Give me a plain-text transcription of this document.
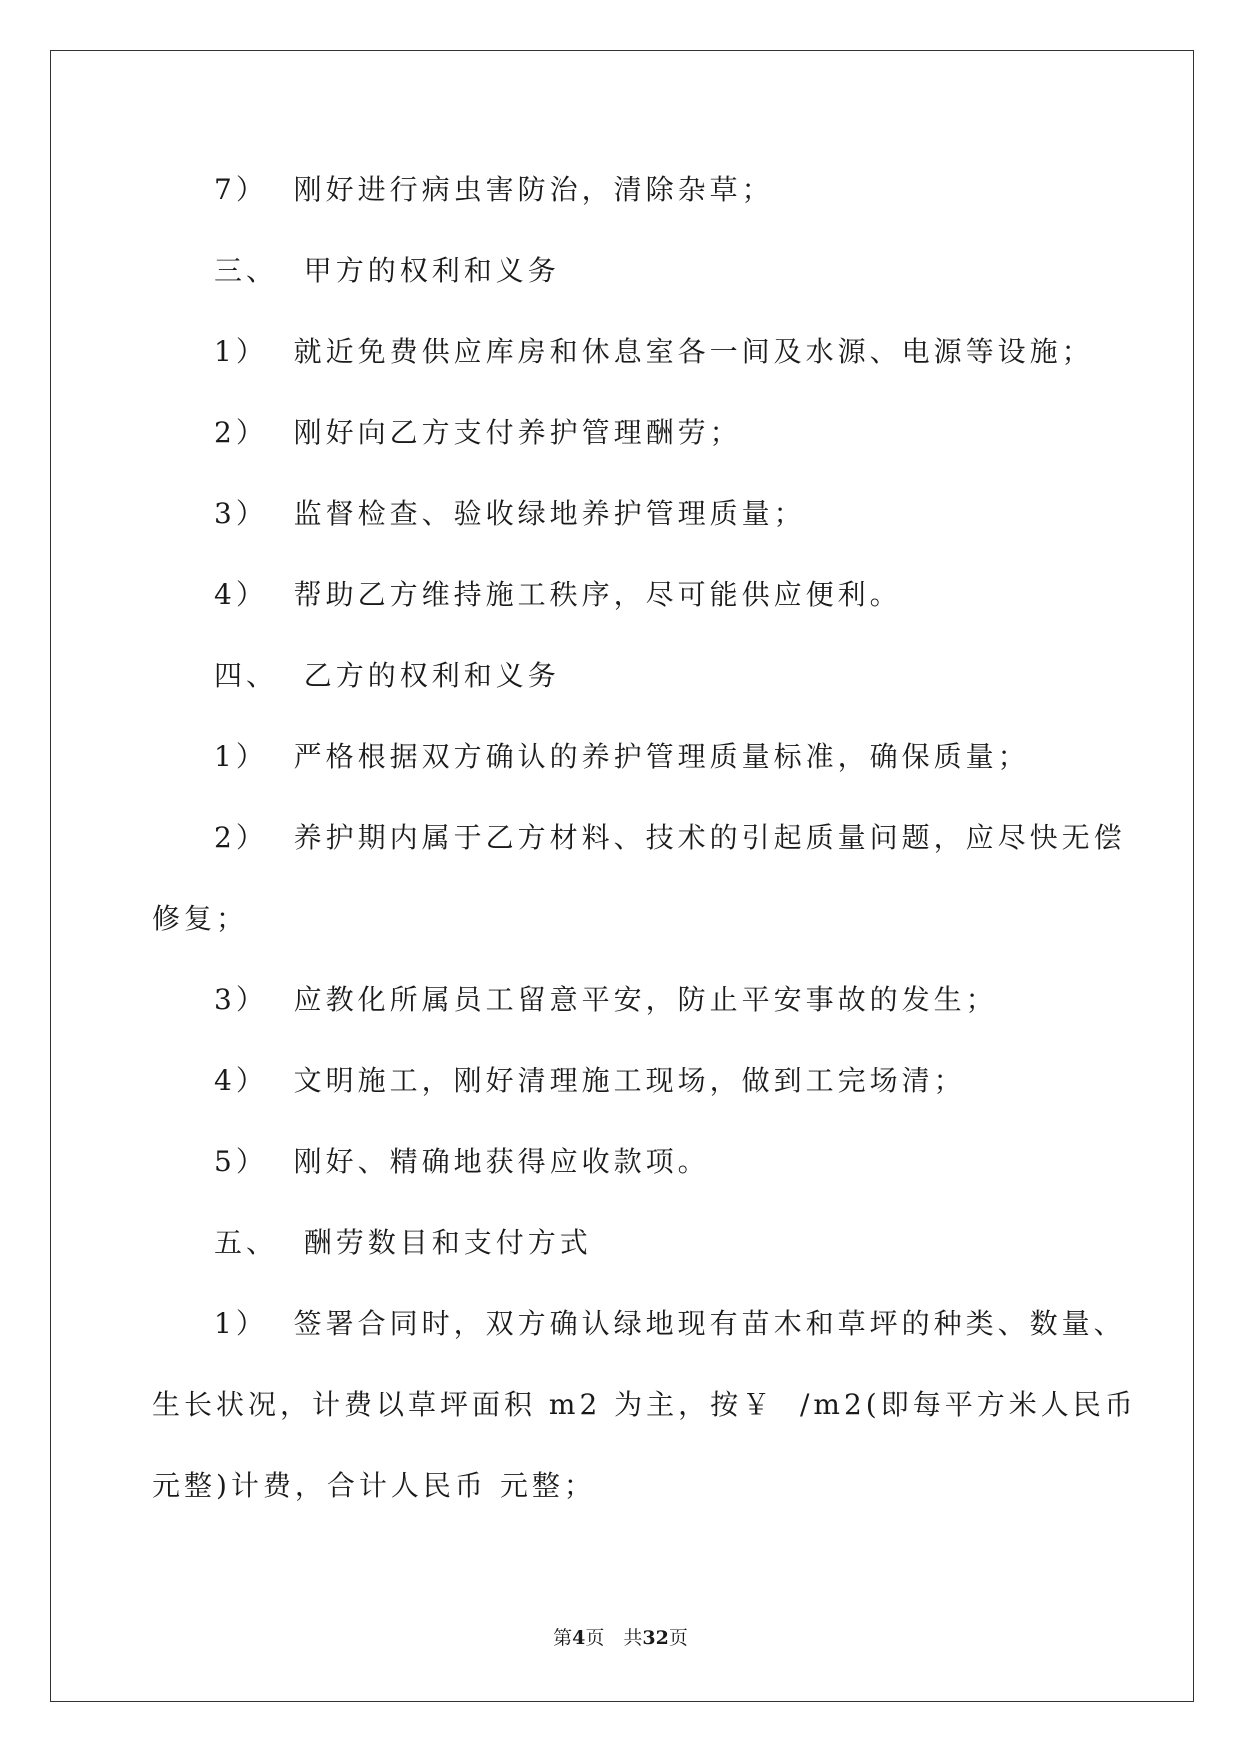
7）  刚好进行病虫害防治，清除杂草；
三、  甲方的权利和义务
1）  就近免费供应库房和休息室各一间及水源、电源等设施；
2）  刚好向乙方支付养护管理酬劳；
3）  监督检查、验收绿地养护管理质量；
4）  帮助乙方维持施工秩序，尽可能供应便利。
四、  乙方的权利和义务
1）  严格根据双方确认的养护管理质量标准，确保质量；
2）  养护期内属于乙方材料、技术的引起质量问题，应尽快无偿
修复；
3）  应教化所属员工留意平安，防止平安事故的发生；
4）  文明施工，刚好清理施工现场，做到工完场清；
5）  刚好、精确地获得应收款项。
五、  酬劳数目和支付方式
1）  签署合同时，双方确认绿地现有苗木和草坪的种类、数量、
生长状况，计费以草坪面积 m2 为主，按￥  /m2(即每平方米人民币
元整)计费，合计人民币 元整；
第4页　共32页
